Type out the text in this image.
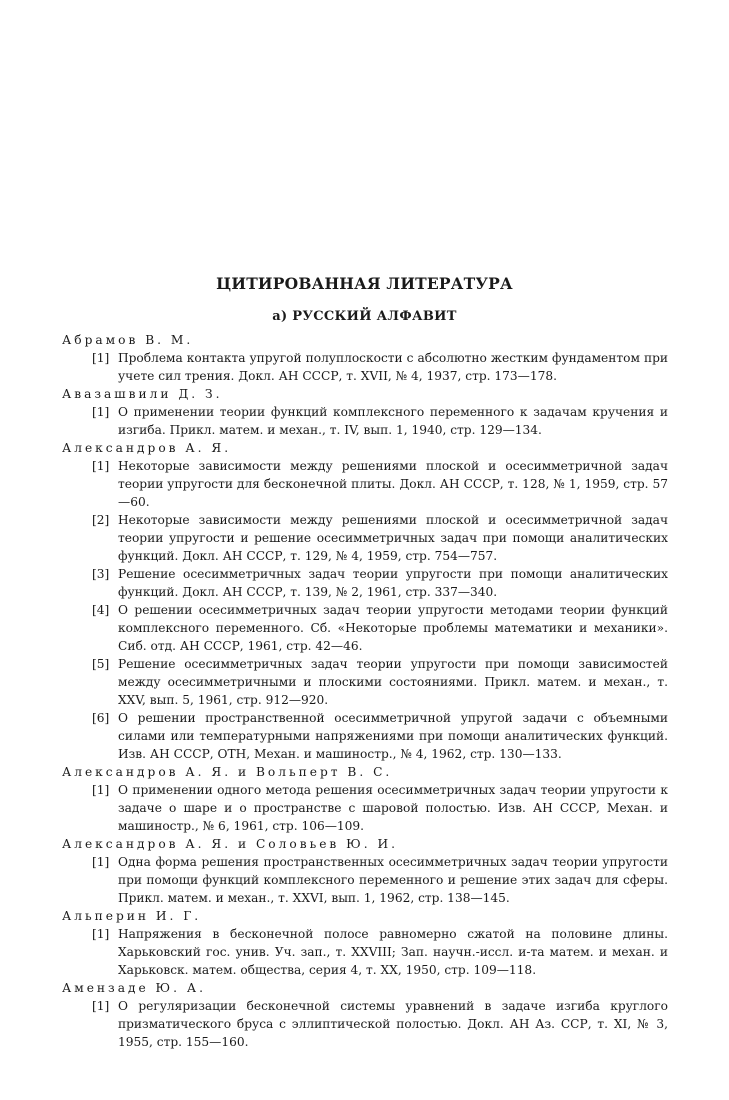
ЦИТИРОВАННАЯ ЛИТЕРАТУРА
а) РУССКИЙ АЛФАВИТ
Абрамов В. М.
[1] Проблема контакта упругой полуплоскости с абсолютно жестким фундаментом при учете сил трения. Докл. АН СССР, т. XVII, № 4, 1937, стр. 173—178.
Авазашвили Д. З.
[1] О применении теории функций комплексного переменного к задачам кручения и изгиба. Прикл. матем. и механ., т. IV, вып. 1, 1940, стр. 129—134.
Александров А. Я.
[1] Некоторые зависимости между решениями плоской и осесимметричной задач теории упругости для бесконечной плиты. Докл. АН СССР, т. 128, № 1, 1959, стр. 57—60.
[2] Некоторые зависимости между решениями плоской и осесимметричной задач теории упругости и решение осесимметричных задач при помощи аналитических функций. Докл. АН СССР, т. 129, № 4, 1959, стр. 754—757.
[3] Решение осесимметричных задач теории упругости при помощи аналитических функций. Докл. АН СССР, т. 139, № 2, 1961, стр. 337—340.
[4] О решении осесимметричных задач теории упругости методами теории функций комплексного переменного. Сб. «Некоторые проблемы математики и механики». Сиб. отд. АН СССР, 1961, стр. 42—46.
[5] Решение осесимметричных задач теории упругости при помощи зависимостей между осесимметричными и плоскими состояниями. Прикл. матем. и механ., т. XXV, вып. 5, 1961, стр. 912—920.
[6] О решении пространственной осесимметричной упругой задачи с объемными силами или температурными напряжениями при помощи аналитических функций. Изв. АН СССР, ОТН, Механ. и машиностр., № 4, 1962, стр. 130—133.
Александров А. Я. и Вольперт В. С.
[1] О применении одного метода решения осесимметричных задач теории упругости к задаче о шаре и о пространстве с шаровой полостью. Изв. АН СССР, Механ. и машиностр., № 6, 1961, стр. 106—109.
Александров А. Я. и Соловьев Ю. И.
[1] Одна форма решения пространственных осесимметричных задач теории упругости при помощи функций комплексного переменного и решение этих задач для сферы. Прикл. матем. и механ., т. XXVI, вып. 1, 1962, стр. 138—145.
Альперин И. Г.
[1] Напряжения в бесконечной полосе равномерно сжатой на половине длины. Харьковский гос. унив. Уч. зап., т. XXVIII; Зап. научн.-иссл. и-та матем. и механ. и Харьковск. матем. общества, серия 4, т. XX, 1950, стр. 109—118.
Амензаде Ю. А.
[1] О регуляризации бесконечной системы уравнений в задаче изгиба круглого призматического бруса с эллиптической полостью. Докл. АН Аз. ССР, т. XI, № 3, 1955, стр. 155—160.
